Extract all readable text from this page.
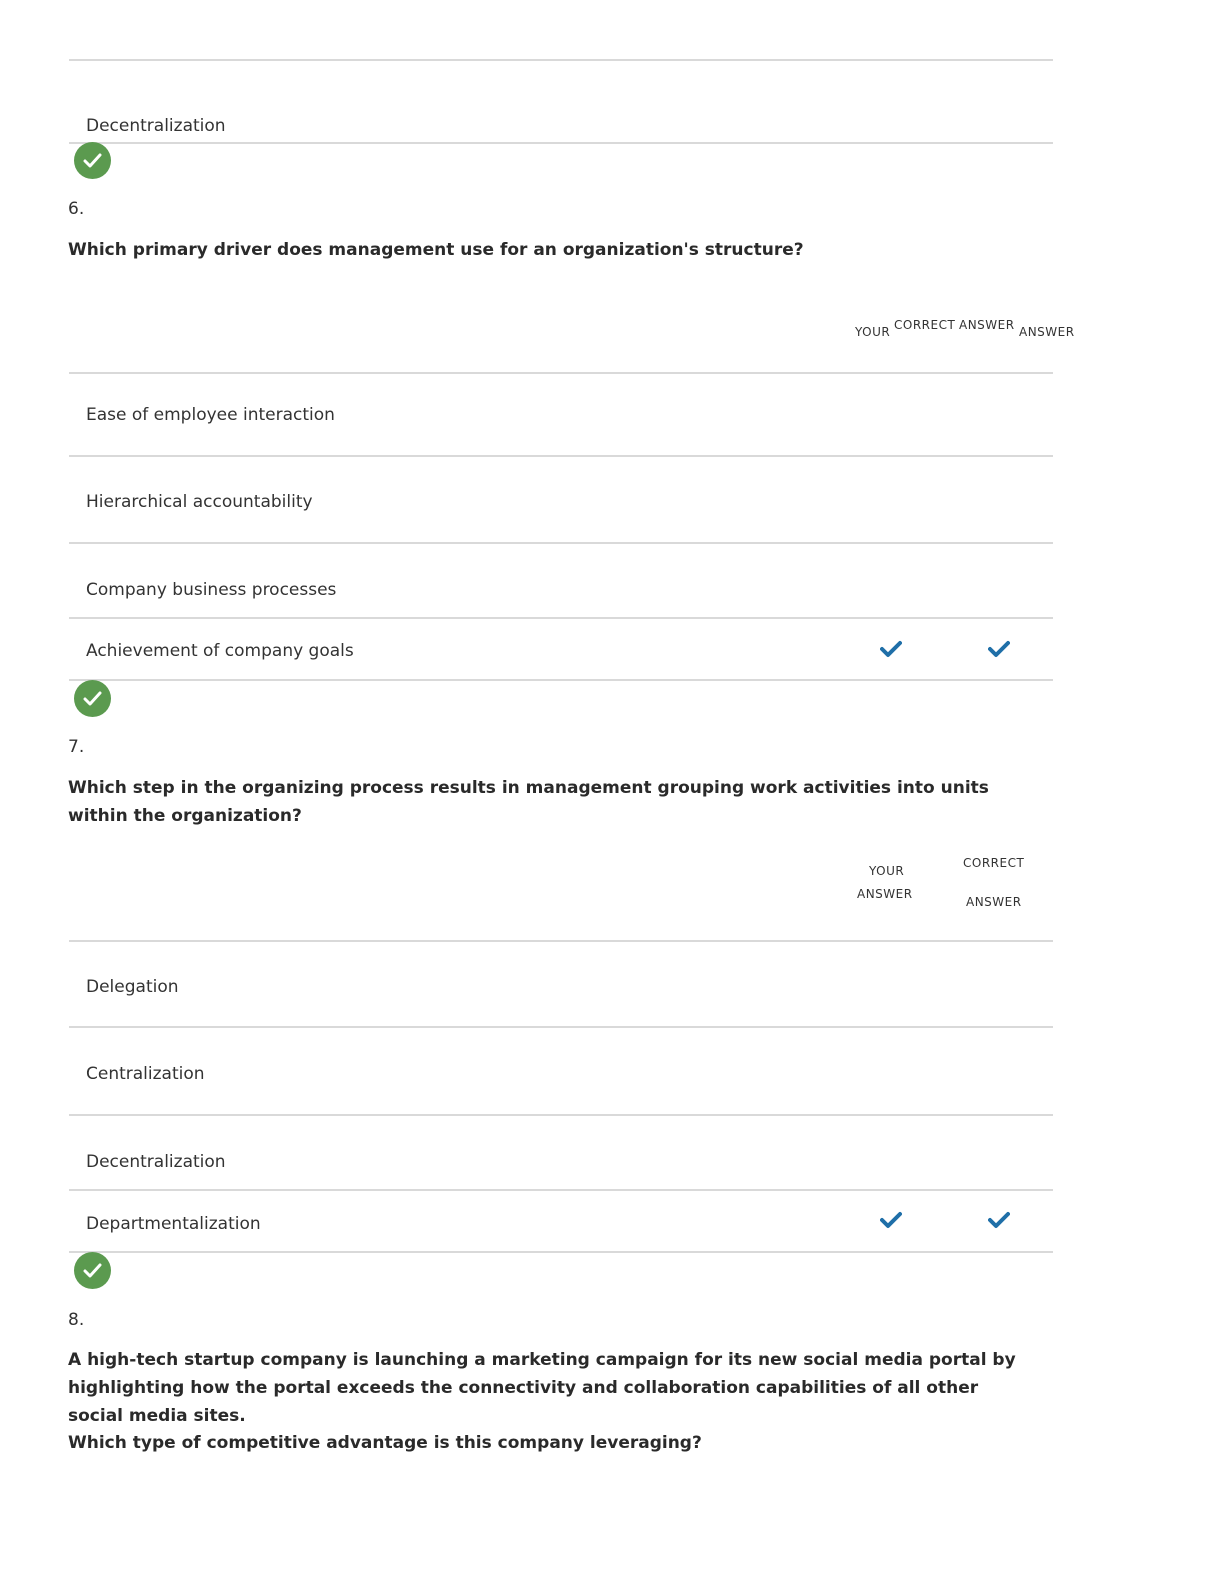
Decentralization
6.
Which primary driver does management use for an organization's structure?
YOUR CORRECT ANSWER ANSWER
Ease of employee interaction
Hierarchical accountability
Company business processes
Achievement of company goals
7.
Which step in the organizing process results in management grouping work activities into units within the organization?
YOUR
ANSWER
CORRECT
ANSWER
Delegation
Centralization
Decentralization
Departmentalization
8.
A high-tech startup company is launching a marketing campaign for its new social media portal by highlighting how the portal exceeds the connectivity and collaboration capabilities of all other social media sites.
Which type of competitive advantage is this company leveraging?
